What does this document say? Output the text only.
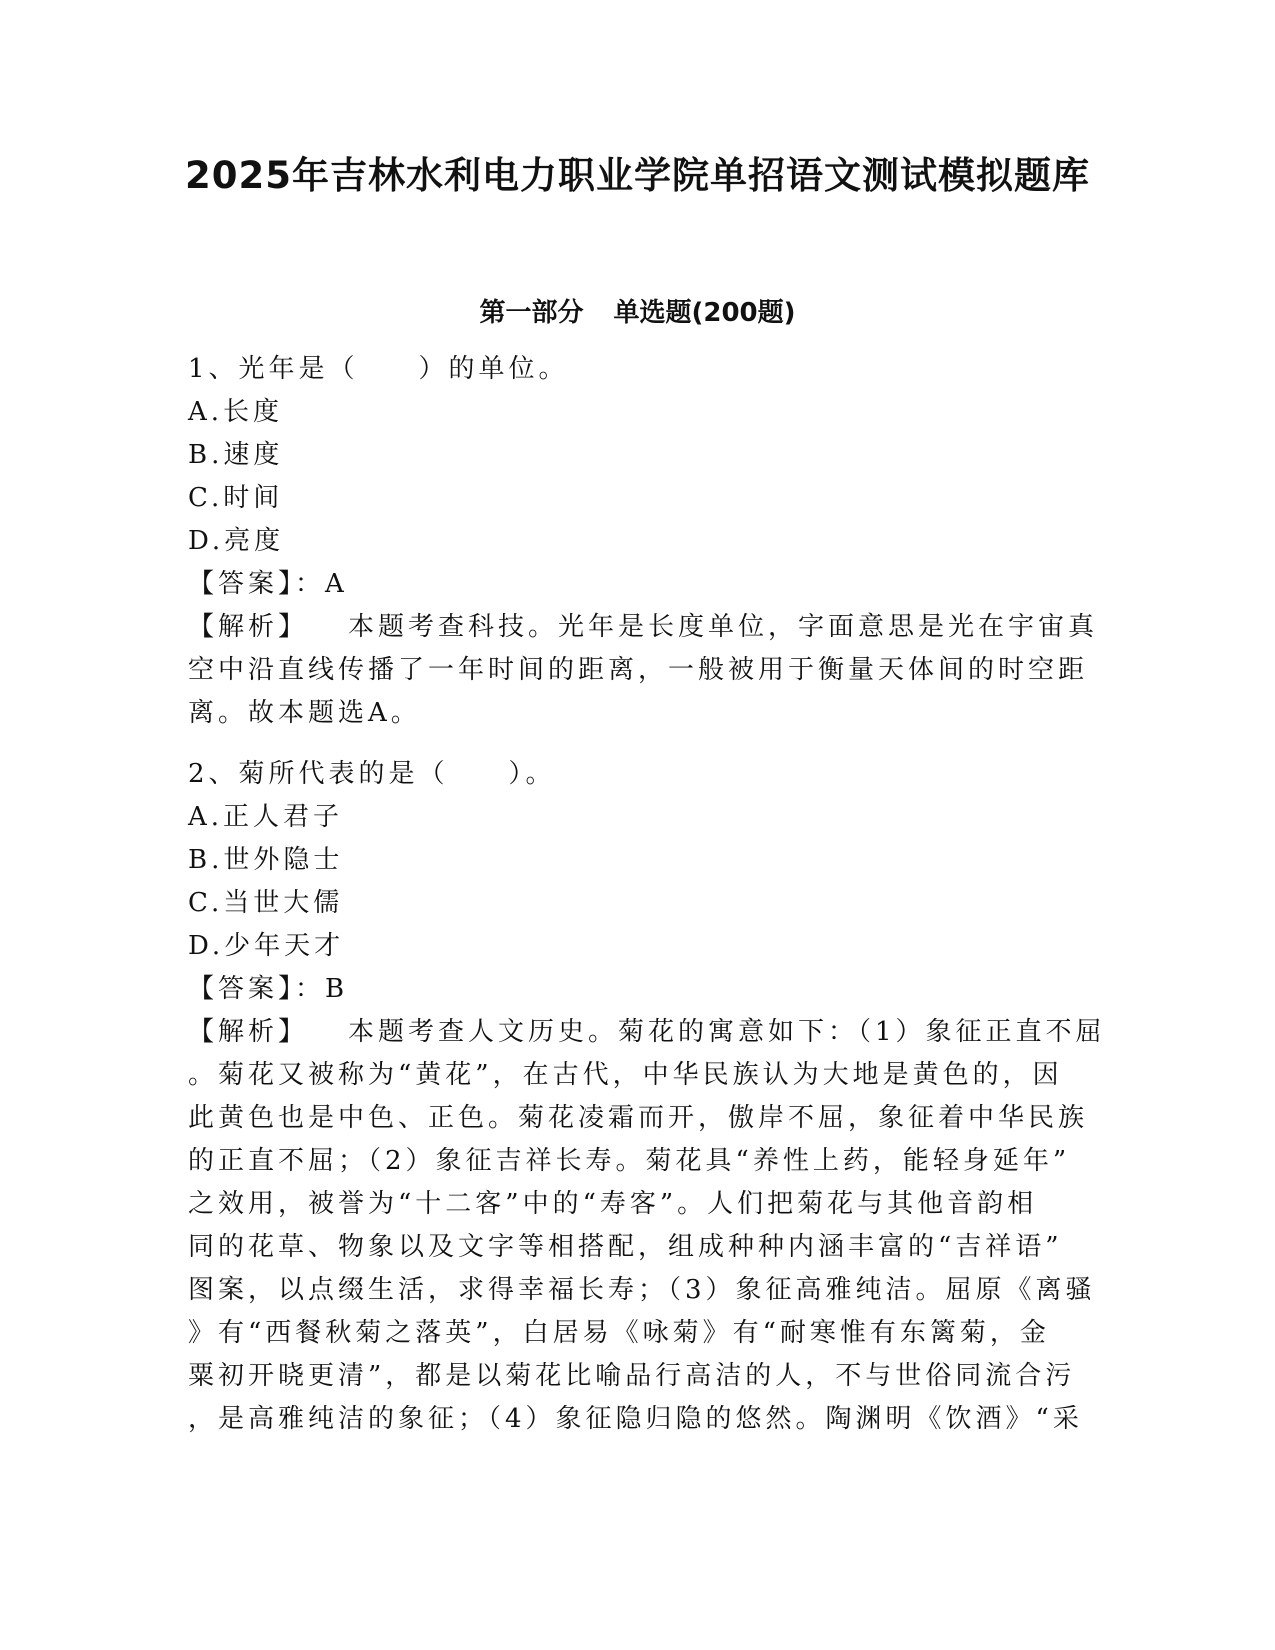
2025年吉林水利电力职业学院单招语文测试模拟题库
第一部分 单选题(200题)
1、光年是（　　）的单位。
A.长度
B.速度
C.时间
D.亮度
【答案】：A
【解析】 本题考查科技。光年是长度单位，字面意思是光在宇宙真
空中沿直线传播了一年时间的距离，一般被用于衡量天体间的时空距
离。故本题选A。
2、菊所代表的是（　　）。
A.正人君子
B.世外隐士
C.当世大儒
D.少年天才
【答案】：B
【解析】 本题考查人文历史。菊花的寓意如下：（1）象征正直不屈
。菊花又被称为“黄花”，在古代，中华民族认为大地是黄色的，因
此黄色也是中色、正色。菊花凌霜而开，傲岸不屈，象征着中华民族
的正直不屈；（2）象征吉祥长寿。菊花具“养性上药，能轻身延年”
之效用，被誉为“十二客”中的“寿客”。人们把菊花与其他音韵相
同的花草、物象以及文字等相搭配，组成种种内涵丰富的“吉祥语”
图案，以点缀生活，求得幸福长寿；（3）象征高雅纯洁。屈原《离骚
》有“西餐秋菊之落英”，白居易《咏菊》有“耐寒惟有东篱菊，金
粟初开晓更清”，都是以菊花比喻品行高洁的人，不与世俗同流合污
，是高雅纯洁的象征；（4）象征隐归隐的悠然。陶渊明《饮酒》“采
